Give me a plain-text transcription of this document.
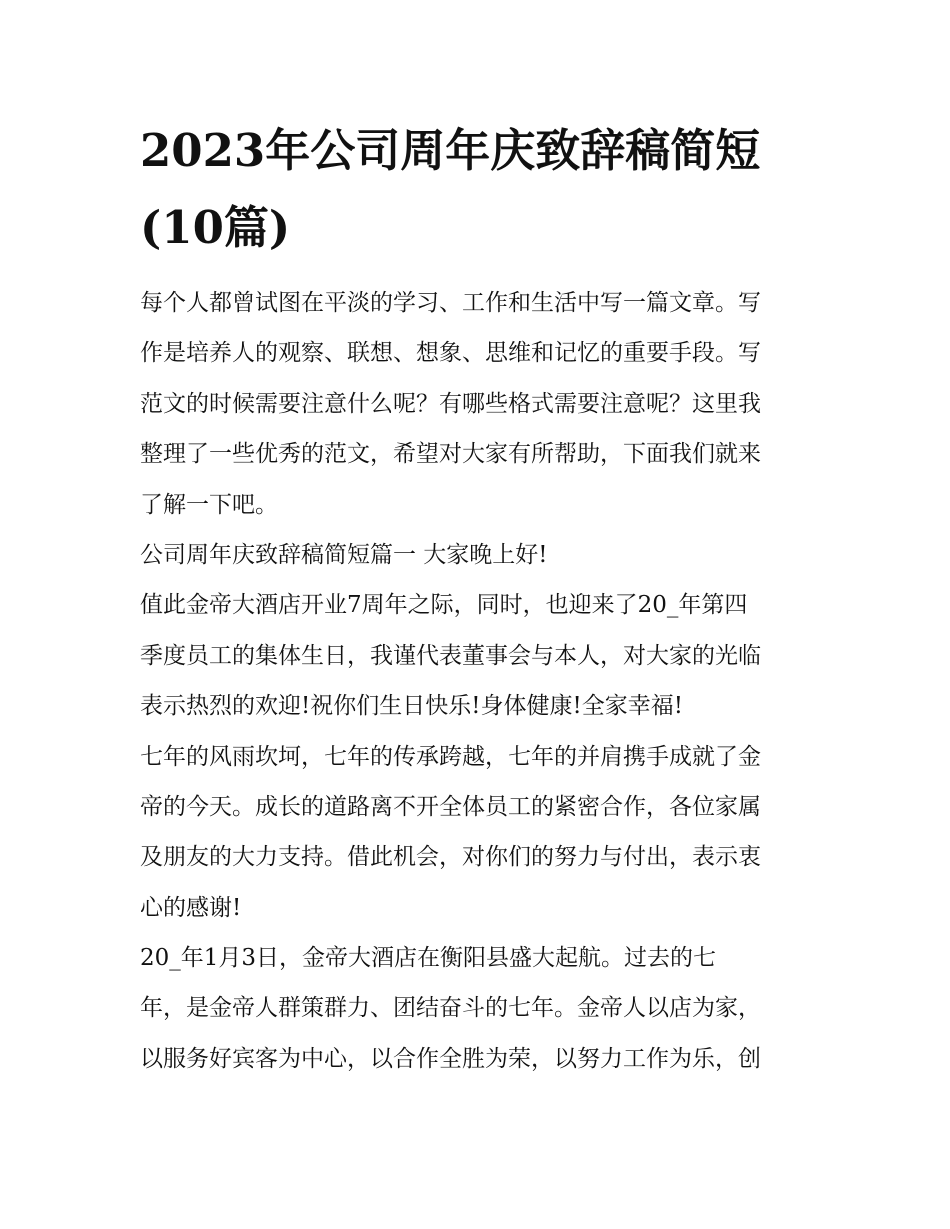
2023年公司周年庆致辞稿简短
(10篇)
每个人都曾试图在平淡的学习、工作和生活中写一篇文章。写
作是培养人的观察、联想、想象、思维和记忆的重要手段。写
范文的时候需要注意什么呢？有哪些格式需要注意呢？这里我
整理了一些优秀的范文，希望对大家有所帮助，下面我们就来
了解一下吧。
公司周年庆致辞稿简短篇一 大家晚上好!
值此金帝大酒店开业7周年之际，同时，也迎来了20_年第四
季度员工的集体生日，我谨代表董事会与本人，对大家的光临
表示热烈的欢迎!祝你们生日快乐!身体健康!全家幸福!
七年的风雨坎坷，七年的传承跨越，七年的并肩携手成就了金
帝的今天。成长的道路离不开全体员工的紧密合作，各位家属
及朋友的大力支持。借此机会，对你们的努力与付出，表示衷
心的感谢!
20_年1月3日，金帝大酒店在衡阳县盛大起航。过去的七
年，是金帝人群策群力、团结奋斗的七年。金帝人以店为家，
以服务好宾客为中心，以合作全胜为荣，以努力工作为乐，创
